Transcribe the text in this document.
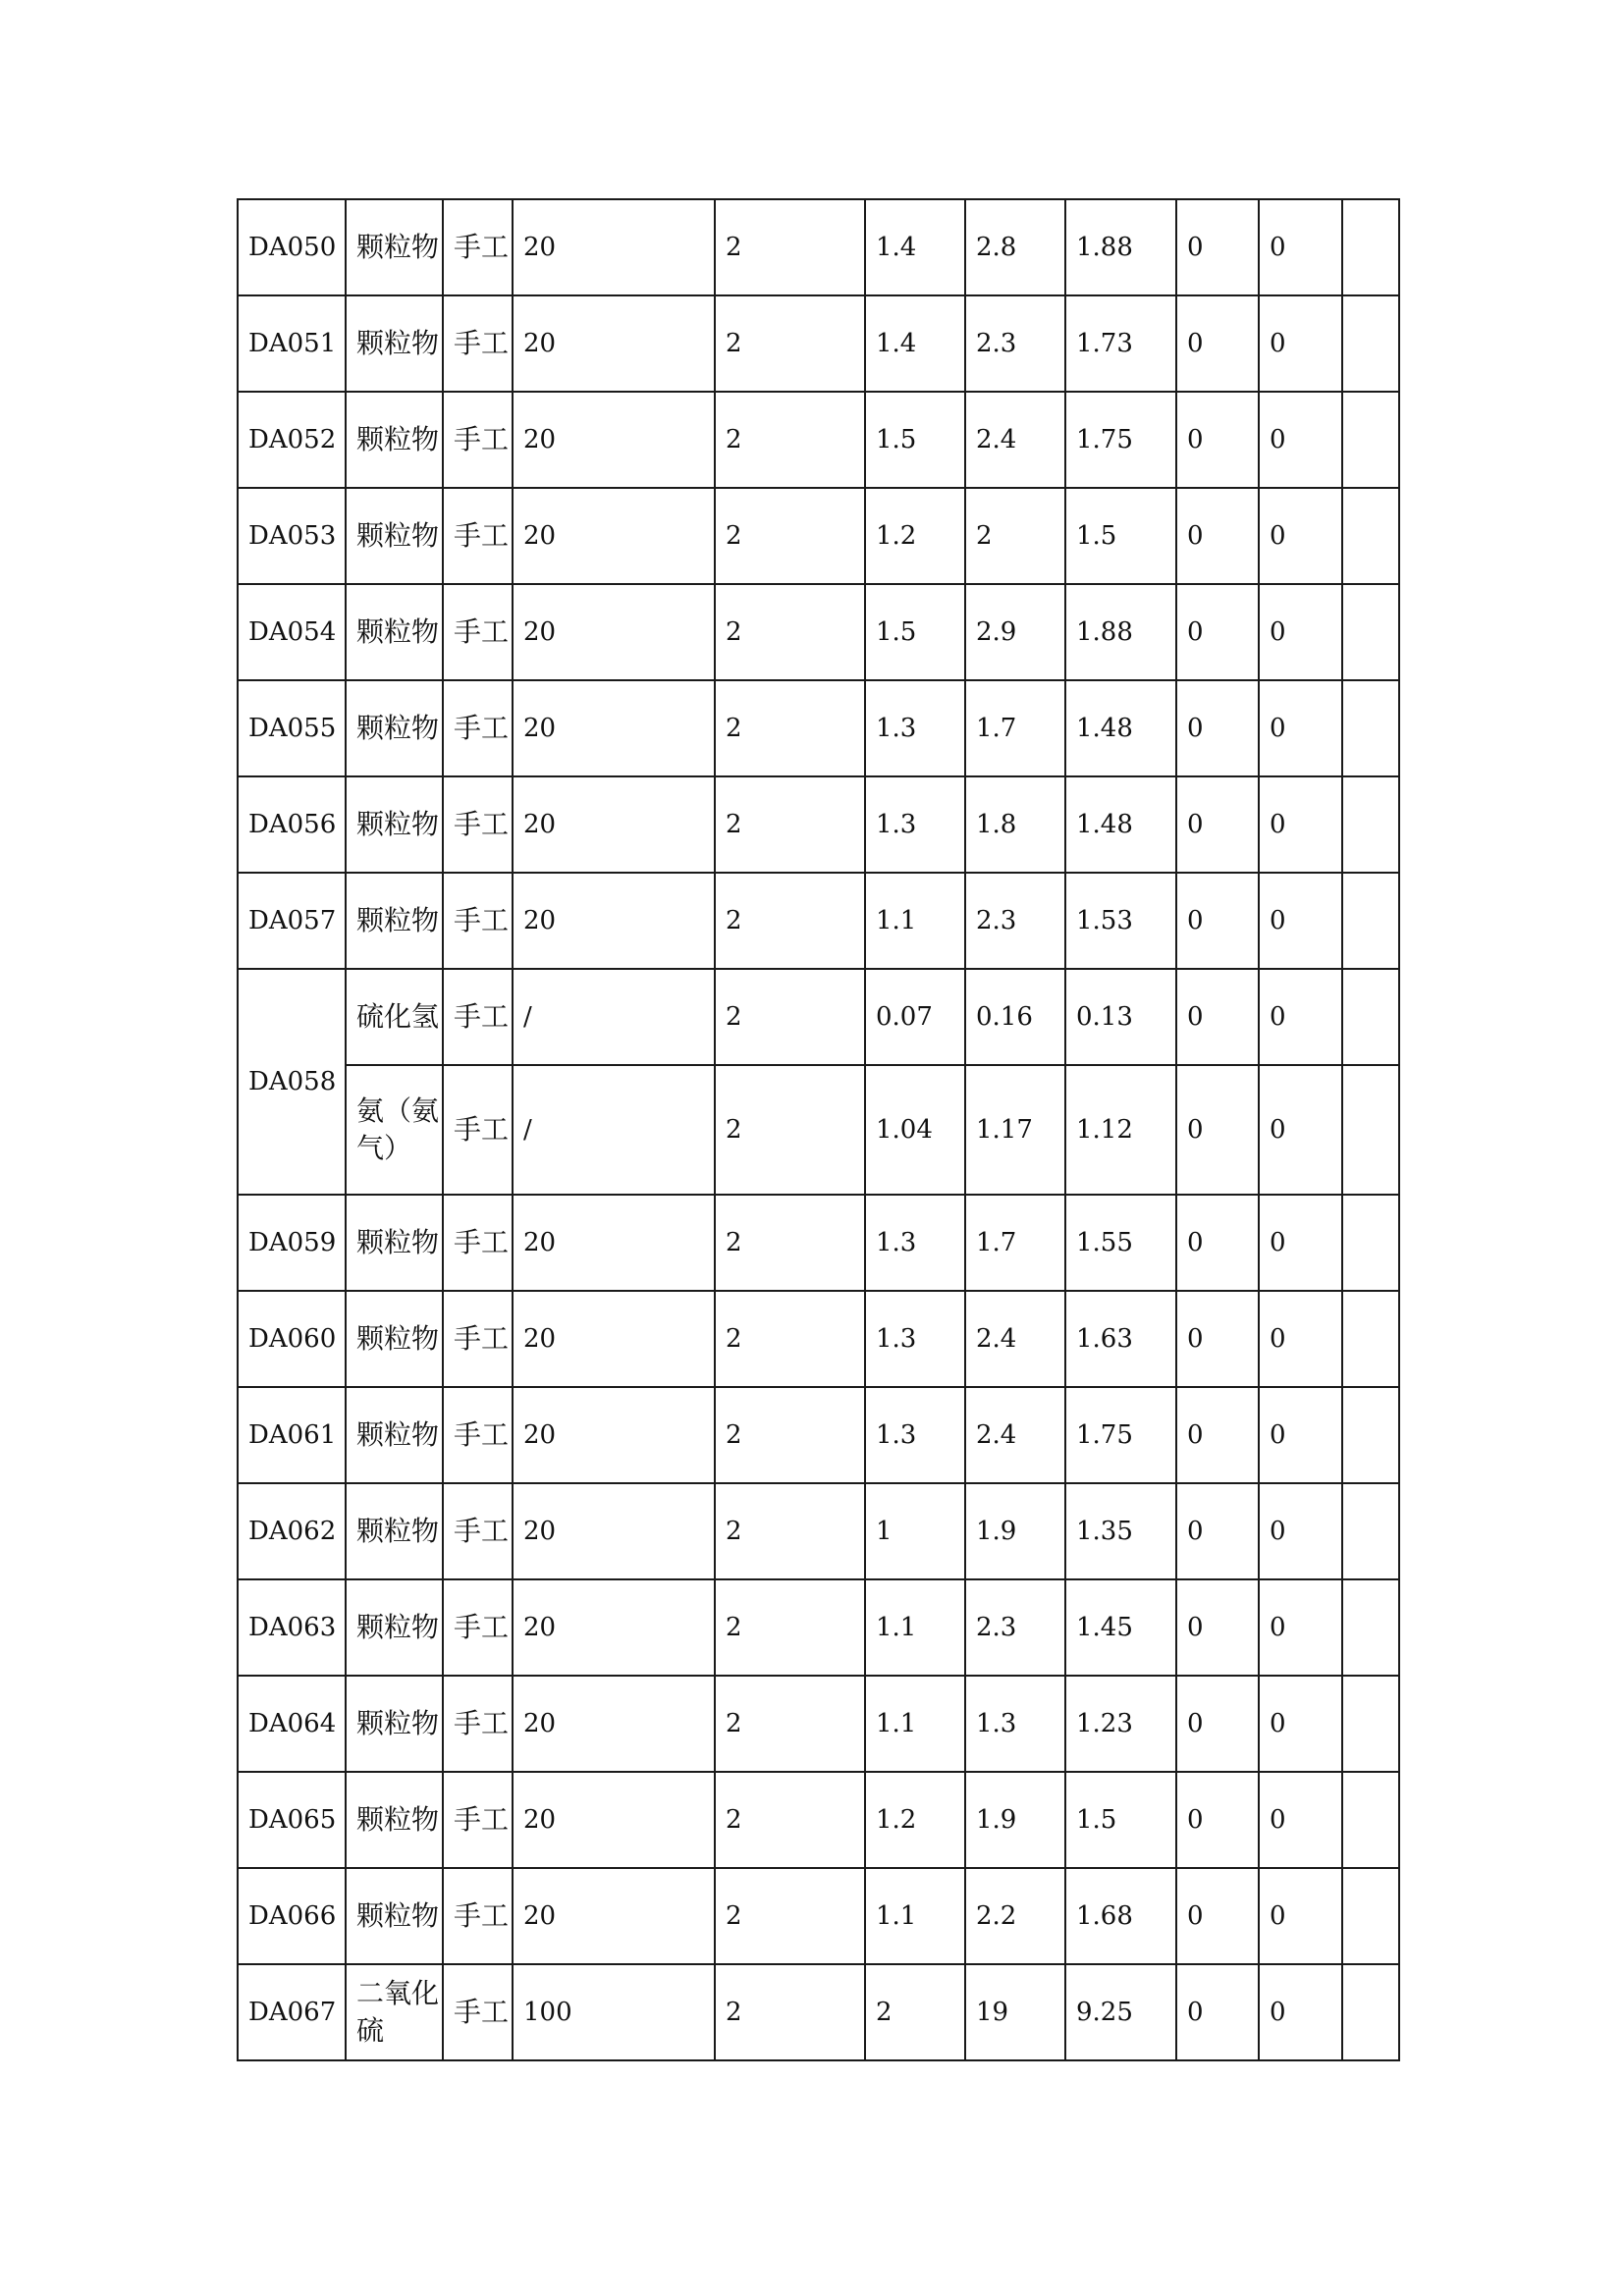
DA050	颗粒物	手工	20	2	1.4	2.8	1.88	0	0	
DA051	颗粒物	手工	20	2	1.4	2.3	1.73	0	0	
DA052	颗粒物	手工	20	2	1.5	2.4	1.75	0	0	
DA053	颗粒物	手工	20	2	1.2	2	1.5	0	0	
DA054	颗粒物	手工	20	2	1.5	2.9	1.88	0	0	
DA055	颗粒物	手工	20	2	1.3	1.7	1.48	0	0	
DA056	颗粒物	手工	20	2	1.3	1.8	1.48	0	0	
DA057	颗粒物	手工	20	2	1.1	2.3	1.53	0	0	
DA058	硫化氢	手工	/	2	0.07	0.16	0.13	0	0	
	氨（氨气）	手工	/	2	1.04	1.17	1.12	0	0	
DA059	颗粒物	手工	20	2	1.3	1.7	1.55	0	0	
DA060	颗粒物	手工	20	2	1.3	2.4	1.63	0	0	
DA061	颗粒物	手工	20	2	1.3	2.4	1.75	0	0	
DA062	颗粒物	手工	20	2	1	1.9	1.35	0	0	
DA063	颗粒物	手工	20	2	1.1	2.3	1.45	0	0	
DA064	颗粒物	手工	20	2	1.1	1.3	1.23	0	0	
DA065	颗粒物	手工	20	2	1.2	1.9	1.5	0	0	
DA066	颗粒物	手工	20	2	1.1	2.2	1.68	0	0	
DA067	二氧化硫	手工	100	2	2	19	9.25	0	0	
